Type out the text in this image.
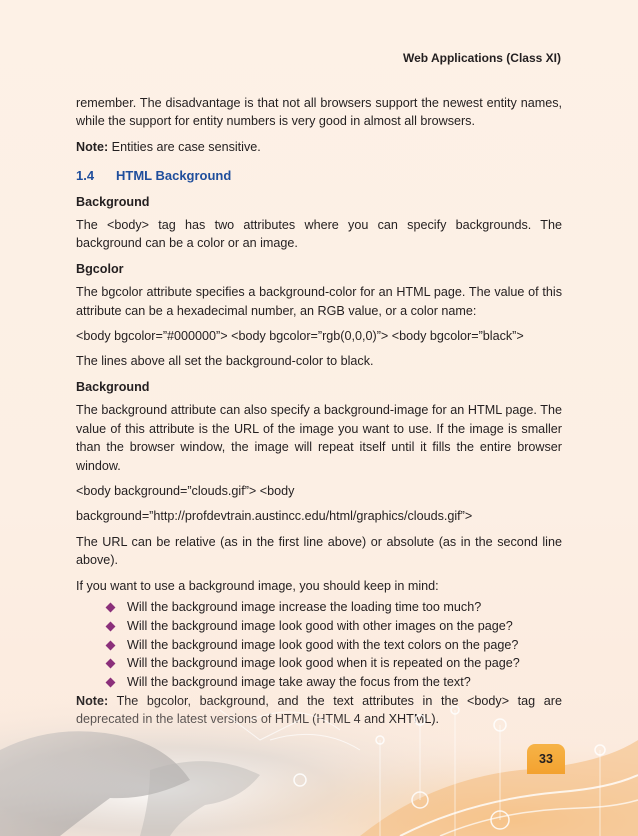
Web Applications (Class XI)

remember. The disadvantage is that not all browsers support the newest entity names, while the support for entity numbers is very good in almost all browsers.

Note: Entities are case sensitive.

1.4 HTML Background

Background

The <body> tag has two attributes where you can specify backgrounds. The background can be a color or an image.

Bgcolor

The bgcolor attribute specifies a background-color for an HTML page. The value of this attribute can be a hexadecimal number, an RGB value, or a color name:

<body bgcolor=”#000000”> <body bgcolor=”rgb(0,0,0)”> <body bgcolor=”black”>

The lines above all set the background-color to black.

Background

The background attribute can also specify a background-image for an HTML page. The value of this attribute is the URL of the image you want to use. If the image is smaller than the browser window, the image will repeat itself until it fills the entire browser window.

<body background=”clouds.gif”> <body

background=”http://profdevtrain.austincc.edu/html/graphics/clouds.gif”>

The URL can be relative (as in the first line above) or absolute (as in the second line above).

If you want to use a background image, you should keep in mind:

Will the background image increase the loading time too much?
Will the background image look good with other images on the page?
Will the background image look good with the text colors on the page?
Will the background image look good when it is repeated on the page?

33
